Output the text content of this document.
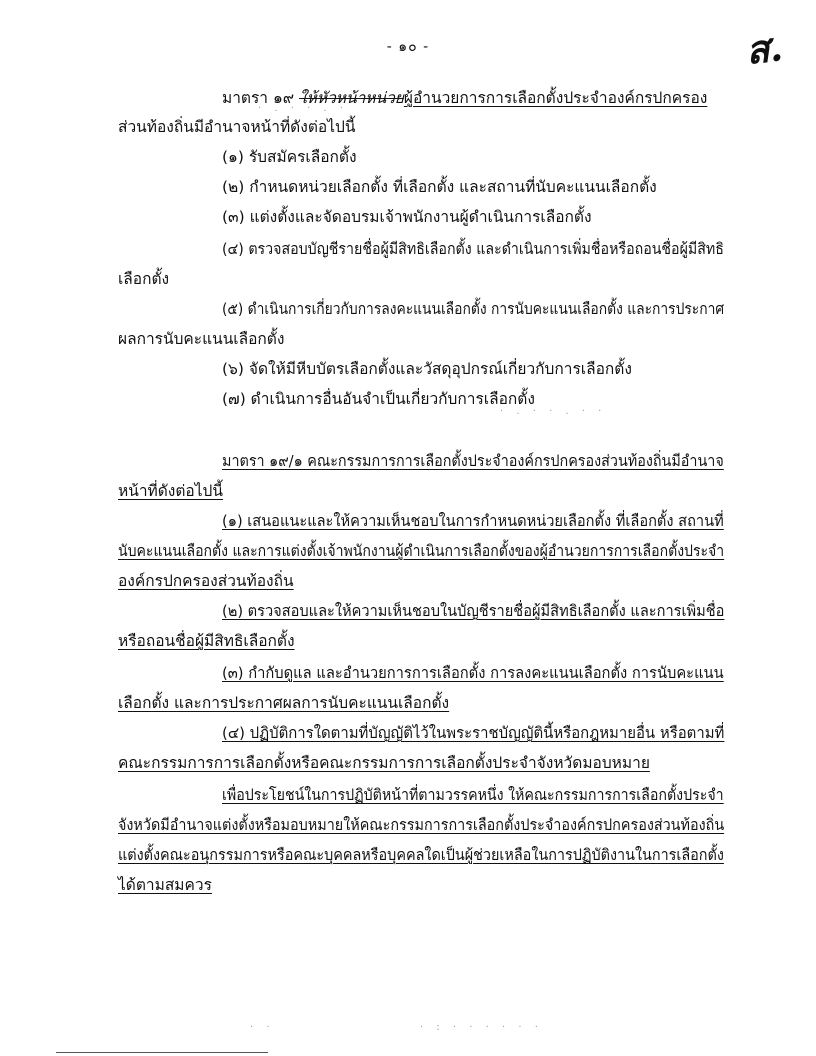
- ๑๐ -	ส.
มาตรา ๑๙ ให้หัวหน้าหน่วยผู้อำนวยการการเลือกตั้งประจำองค์กรปกครอง
ส่วนท้องถิ่นมีอำนาจหน้าที่ดังต่อไปนี้
(๑) รับสมัครเลือกตั้ง
(๒) กำหนดหน่วยเลือกตั้ง ที่เลือกตั้ง และสถานที่นับคะแนนเลือกตั้ง
(๓) แต่งตั้งและจัดอบรมเจ้าพนักงานผู้ดำเนินการเลือกตั้ง
(๔) ตรวจสอบบัญชีรายชื่อผู้มีสิทธิเลือกตั้ง และดำเนินการเพิ่มชื่อหรือถอนชื่อผู้มีสิทธิ
เลือกตั้ง
(๕) ดำเนินการเกี่ยวกับการลงคะแนนเลือกตั้ง การนับคะแนนเลือกตั้ง และการประกาศ
ผลการนับคะแนนเลือกตั้ง
(๖) จัดให้มีหีบบัตรเลือกตั้งและวัสดุอุปกรณ์เกี่ยวกับการเลือกตั้ง
(๗) ดำเนินการอื่นอันจำเป็นเกี่ยวกับการเลือกตั้ง
มาตรา ๑๙/๑ คณะกรรมการการเลือกตั้งประจำองค์กรปกครองส่วนท้องถิ่นมีอำนาจ
หน้าที่ดังต่อไปนี้
(๑) เสนอแนะและให้ความเห็นชอบในการกำหนดหน่วยเลือกตั้ง ที่เลือกตั้ง สถานที่
นับคะแนนเลือกตั้ง และการแต่งตั้งเจ้าพนักงานผู้ดำเนินการเลือกตั้งของผู้อำนวยการการเลือกตั้งประจำ
องค์กรปกครองส่วนท้องถิ่น
(๒) ตรวจสอบและให้ความเห็นชอบในบัญชีรายชื่อผู้มีสิทธิเลือกตั้ง และการเพิ่มชื่อ
หรือถอนชื่อผู้มีสิทธิเลือกตั้ง
(๓) กำกับดูแล และอำนวยการการเลือกตั้ง การลงคะแนนเลือกตั้ง การนับคะแนน
เลือกตั้ง และการประกาศผลการนับคะแนนเลือกตั้ง
(๔) ปฏิบัติการใดตามที่บัญญัติไว้ในพระราชบัญญัตินี้หรือกฎหมายอื่น หรือตามที่
คณะกรรมการการเลือกตั้งหรือคณะกรรมการการเลือกตั้งประจำจังหวัดมอบหมาย
เพื่อประโยชน์ในการปฏิบัติหน้าที่ตามวรรคหนึ่ง ให้คณะกรรมการการเลือกตั้งประจำ
จังหวัดมีอำนาจแต่งตั้งหรือมอบหมายให้คณะกรรมการการเลือกตั้งประจำองค์กรปกครองส่วนท้องถิ่น
แต่งตั้งคณะอนุกรรมการหรือคณะบุคคลหรือบุคคลใดเป็นผู้ช่วยเหลือในการปฏิบัติงานในการเลือกตั้ง
ได้ตามสมควร
· . · · . ·
· . · · . · ·
· ·	· : · · · · · ·
